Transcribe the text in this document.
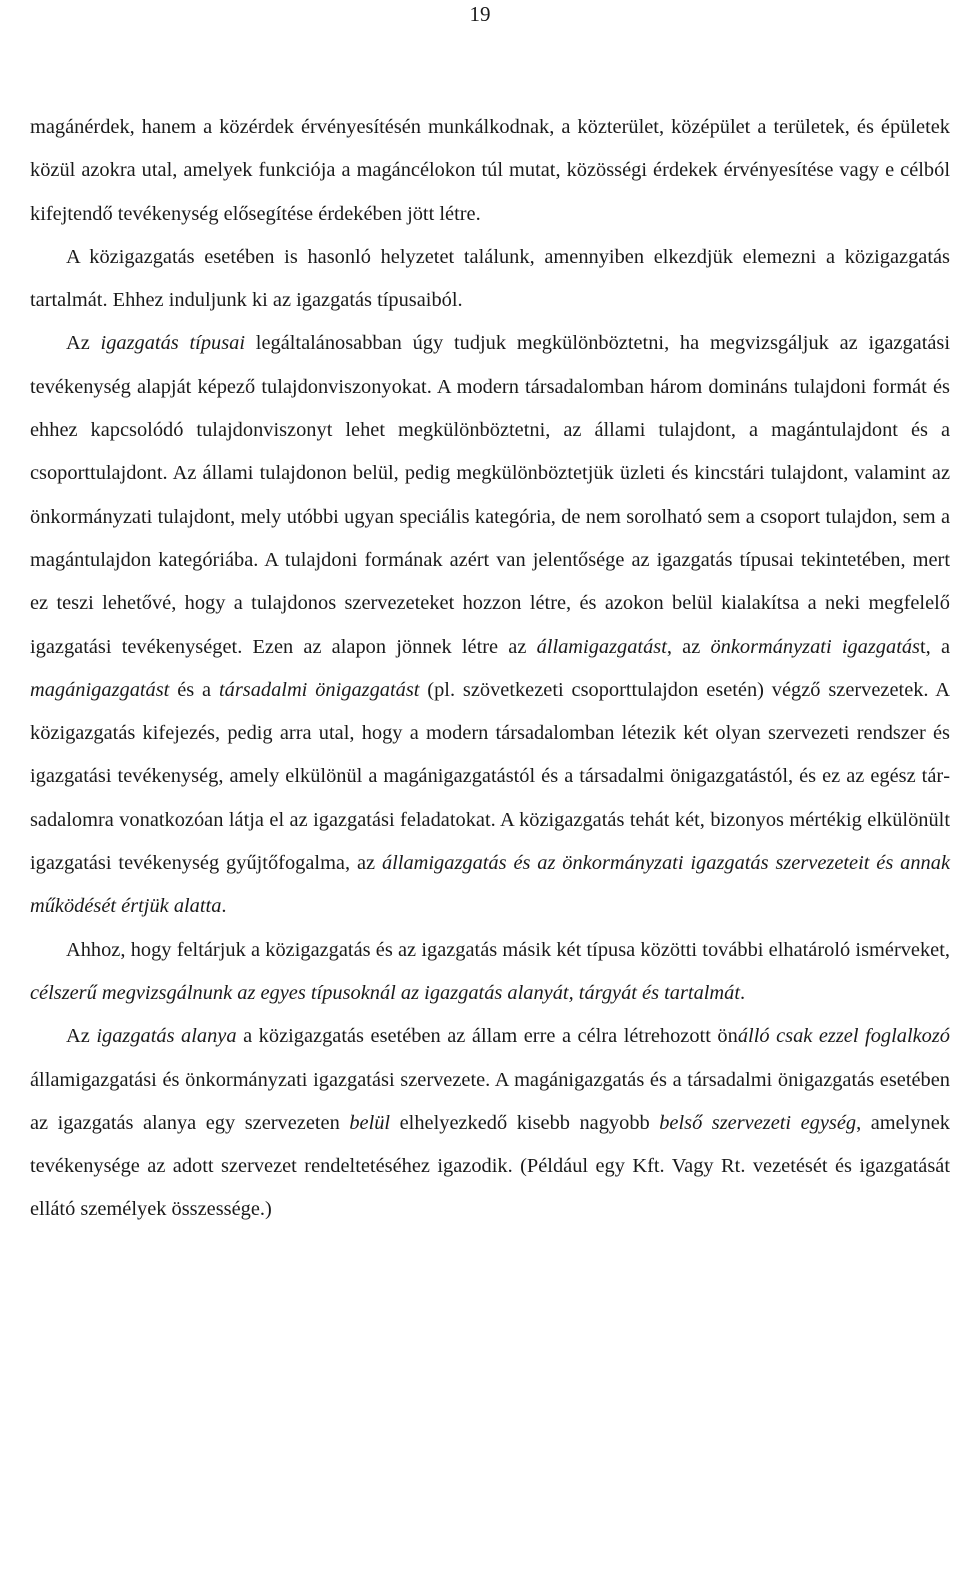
19

magánérdek, hanem a közérdek érvényesítésén munkálkodnak, a közterület, középület a területek, és épületek közül azokra utal, amelyek funkciója a magáncélokon túl mutat, közösségi érdekek érvényesítése vagy e célból kifejtendő tevékenység elősegítése érdekében jött létre.

A közigazgatás esetében is hasonló helyzetet találunk, amennyiben elkezdjük elemezni a közigazgatás tartalmát. Ehhez induljunk ki az igazgatás típusaiból.

Az igazgatás típusai legáltalánosabban úgy tudjuk megkülönböztetni, ha megvizsgáljuk az igazgatási tevékenység alapját képező tulajdonviszonyokat. A modern társadalomban három domináns tulajdoni formát és ehhez kapcsolódó tulajdonviszonyt lehet megkülönböztetni, az állami tulajdont, a magántulajdont és a csoporttulajdont. Az állami tulajdonon belül, pedig megkülönböztetjük üzleti és kincstári tulajdont, valamint az önkormányzati tulajdont, mely utóbbi ugyan speciális kategória, de nem sorolható sem a csoport tulajdon, sem a magántulajdon kategóriába. A tulajdoni formának azért van jelentősége az igazgatás típusai tekintetében, mert ez teszi lehetővé, hogy a tulajdonos szervezeteket hozzon létre, és azokon belül kialakítsa a neki megfelelő igazgatási tevékenységet. Ezen az alapon jönnek létre az államigazgatást, az önkormányzati igazgatást, a magánigazgatást és a társadalmi önigazgatást (pl. szövetkezeti csoporttulajdon esetén) végző szervezetek. A közigazgatás kifejezés, pedig arra utal, hogy a modern társadalomban létezik két olyan szervezeti rendszer és igazgatási tevékenység, amely elkülönül a magánigazgatástól és a társadalmi önigazgatástól, és ez az egész társadalomra vonatkozóan látja el az igazgatási feladatokat. A közigazgatás tehát két, bizonyos mértékig elkülönült igazgatási tevékenység gyűjtőfogalma, az államigazgatás és az önkormányzati igazgatás szervezeteit és annak működését értjük alatta.

Ahhoz, hogy feltárjuk a közigazgatás és az igazgatás másik két típusa közötti további elhatároló ismérveket, célszerű megvizsgálnunk az egyes típusoknál az igazgatás alanyát, tárgyát és tartalmát.

Az igazgatás alanya a közigazgatás esetében az állam erre a célra létrehozott önálló csak ezzel foglalkozó államigazgatási és önkormányzati igazgatási szervezete. A magánigazgatás és a társadalmi önigazgatás esetében az igazgatás alanya egy szervezeten belül elhelyezkedő kisebb nagyobb belső szervezeti egység, amelynek tevékenysége az adott szervezet rendeltetéséhez igazodik. (Például egy Kft. Vagy Rt. vezetését és igazgatását ellátó személyek összessége.)
